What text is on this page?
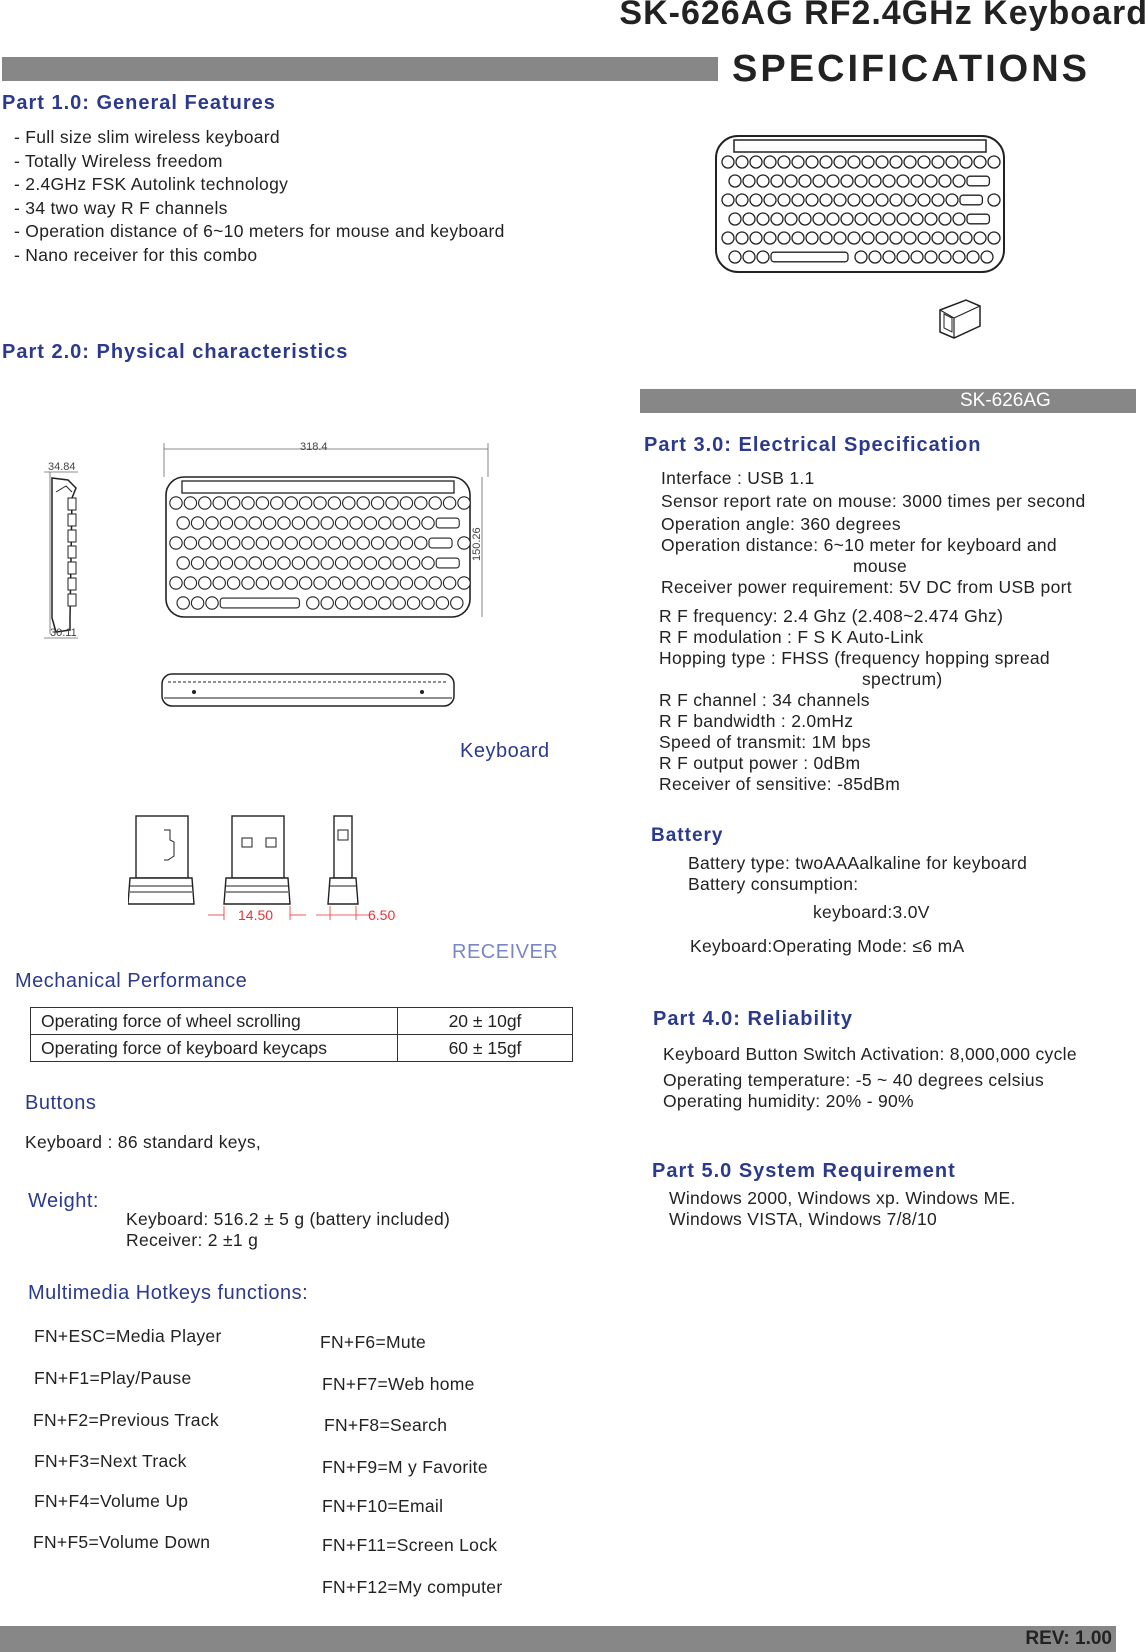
SK-626AG RF2.4GHz Keyboard
SPECIFICATIONS
Part 1.0: General Features
- Full size slim wireless keyboard
- Totally Wireless freedom
- 2.4GHz FSK Autolink technology
- 34 two way R F channels
- Operation distance of 6~10 meters for mouse and keyboard
- Nano receiver for this combo
Part 2.0: Physical characteristics
34.84
30.11
318.4
150.26
Keyboard
14.50	6.50
RECEIVER
Mechanical Performance
Operating force of wheel scrolling	20 ± 10gf
Operating force of keyboard keycaps	60 ± 15gf
Buttons
Keyboard : 86 standard keys,
Weight:
Keyboard: 516.2 ± 5 g (battery included)
Receiver: 2 ±1 g
Multimedia Hotkeys functions:
FN+ESC=Media Player
FN+F1=Play/Pause
FN+F2=Previous Track
FN+F3=Next Track
FN+F4=Volume Up
FN+F5=Volume Down
FN+F6=Mute
FN+F7=Web home
FN+F8=Search
FN+F9=M y Favorite
FN+F10=Email
FN+F11=Screen Lock
FN+F12=My computer
SK-626AG
Part 3.0: Electrical Specification
Interface : USB 1.1
Sensor report rate on mouse: 3000 times per second
Operation angle: 360 degrees
Operation distance: 6~10 meter for keyboard and
mouse
Receiver power requirement: 5V DC from USB port
R F frequency: 2.4 Ghz (2.408~2.474 Ghz)
R F modulation : F S K Auto-Link
Hopping type : FHSS (frequency hopping spread
spectrum)
R F channel : 34 channels
R F bandwidth : 2.0mHz
Speed of transmit: 1M bps
R F output power : 0dBm
Receiver of sensitive: -85dBm
Battery
Battery type: twoAAAalkaline for keyboard
Battery consumption:
keyboard:3.0V
Keyboard:Operating Mode: ≤6 mA
Part 4.0: Reliability
Keyboard Button Switch Activation: 8,000,000 cycle
Operating temperature: -5 ~ 40 degrees celsius
Operating humidity: 20% - 90%
Part 5.0 System Requirement
Windows 2000, Windows xp. Windows ME.
Windows VISTA, Windows 7/8/10
REV: 1.00
